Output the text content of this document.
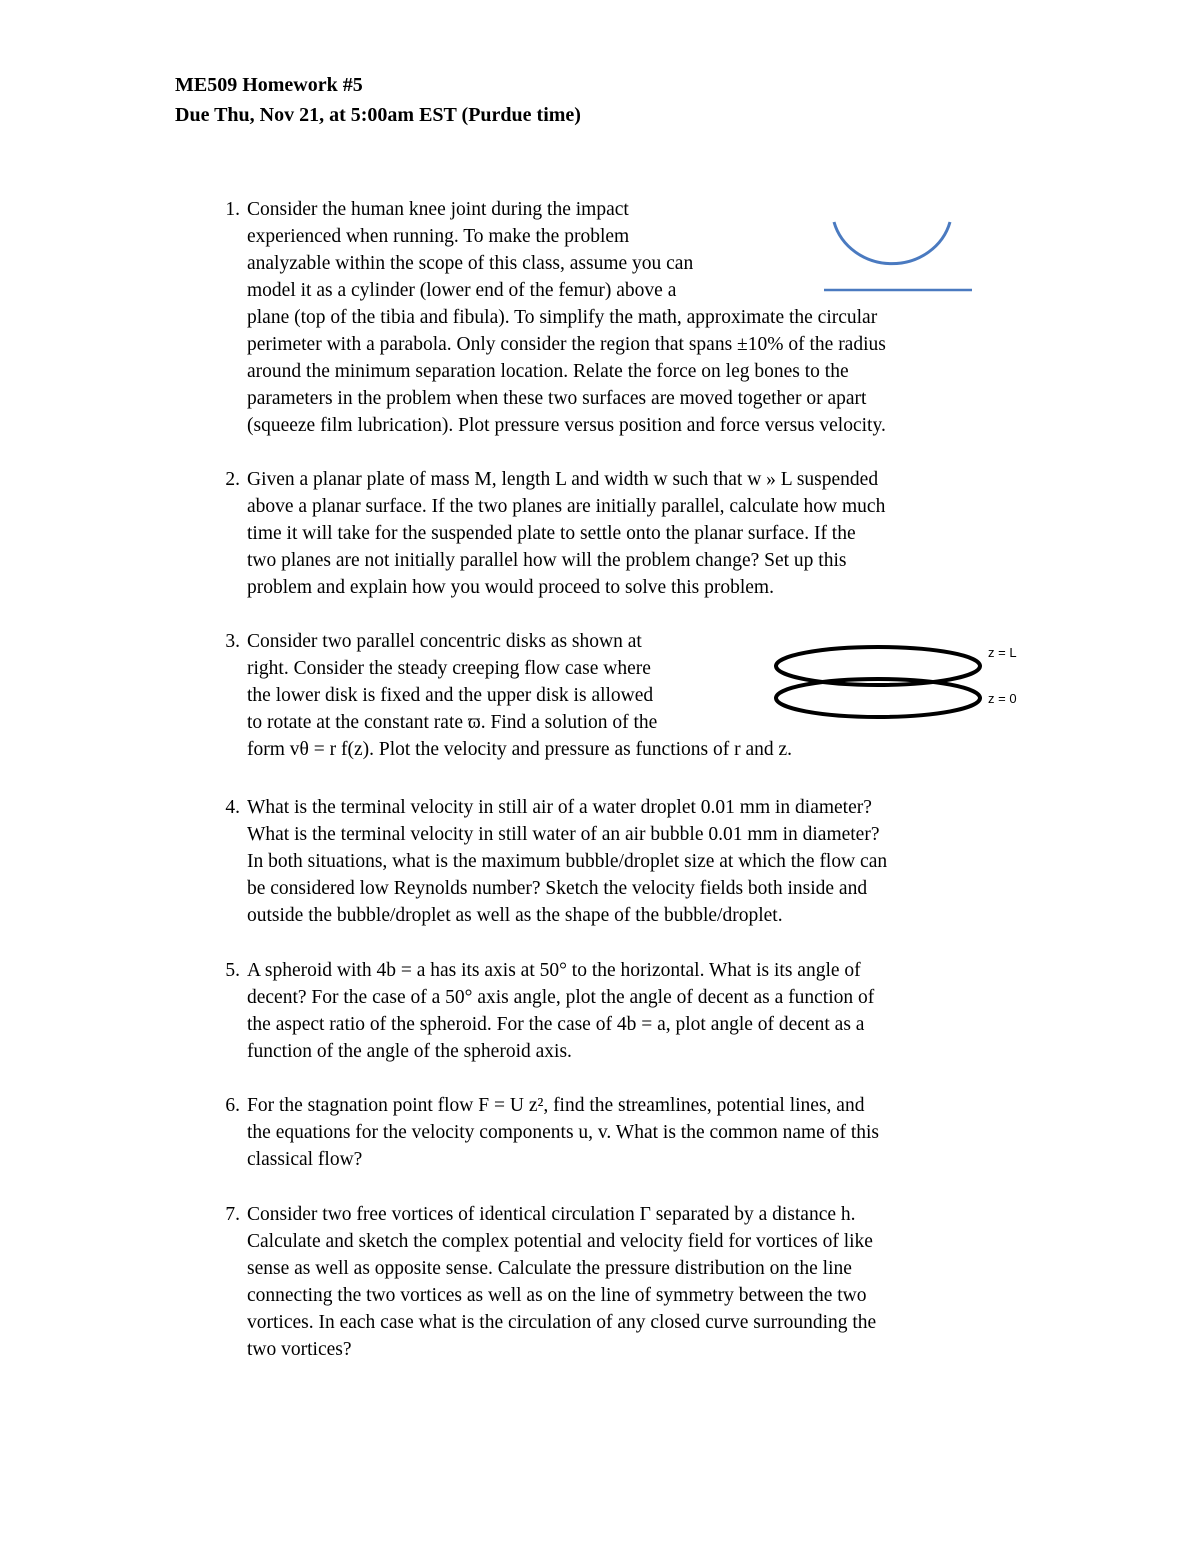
ME509 Homework #5
Due Thu, Nov 21, at 5:00am EST (Purdue time)
1. Consider the human knee joint during the impact
experienced when running. To make the problem
analyzable within the scope of this class, assume you can
model it as a cylinder (lower end of the femur) above a
plane (top of the tibia and fibula). To simplify the math, approximate the circular
perimeter with a parabola. Only consider the region that spans ±10% of the radius
around the minimum separation location. Relate the force on leg bones to the
parameters in the problem when these two surfaces are moved together or apart
(squeeze film lubrication). Plot pressure versus position and force versus velocity.
2. Given a planar plate of mass M, length L and width w such that w » L suspended
above a planar surface. If the two planes are initially parallel, calculate how much
time it will take for the suspended plate to settle onto the planar surface. If the
two planes are not initially parallel how will the problem change? Set up this
problem and explain how you would proceed to solve this problem.
3. Consider two parallel concentric disks as shown at
right. Consider the steady creeping flow case where
the lower disk is fixed and the upper disk is allowed
to rotate at the constant rate ϖ. Find a solution of the
form vθ = r f(z). Plot the velocity and pressure as functions of r and z.
z = L
z = 0
4. What is the terminal velocity in still air of a water droplet 0.01 mm in diameter?
What is the terminal velocity in still water of an air bubble 0.01 mm in diameter?
In both situations, what is the maximum bubble/droplet size at which the flow can
be considered low Reynolds number? Sketch the velocity fields both inside and
outside the bubble/droplet as well as the shape of the bubble/droplet.
5. A spheroid with 4b = a has its axis at 50° to the horizontal. What is its angle of
decent? For the case of a 50° axis angle, plot the angle of decent as a function of
the aspect ratio of the spheroid. For the case of 4b = a, plot angle of decent as a
function of the angle of the spheroid axis.
6. For the stagnation point flow F = U z², find the streamlines, potential lines, and
the equations for the velocity components u, v. What is the common name of this
classical flow?
7. Consider two free vortices of identical circulation Γ separated by a distance h.
Calculate and sketch the complex potential and velocity field for vortices of like
sense as well as opposite sense. Calculate the pressure distribution on the line
connecting the two vortices as well as on the line of symmetry between the two
vortices. In each case what is the circulation of any closed curve surrounding the
two vortices?
